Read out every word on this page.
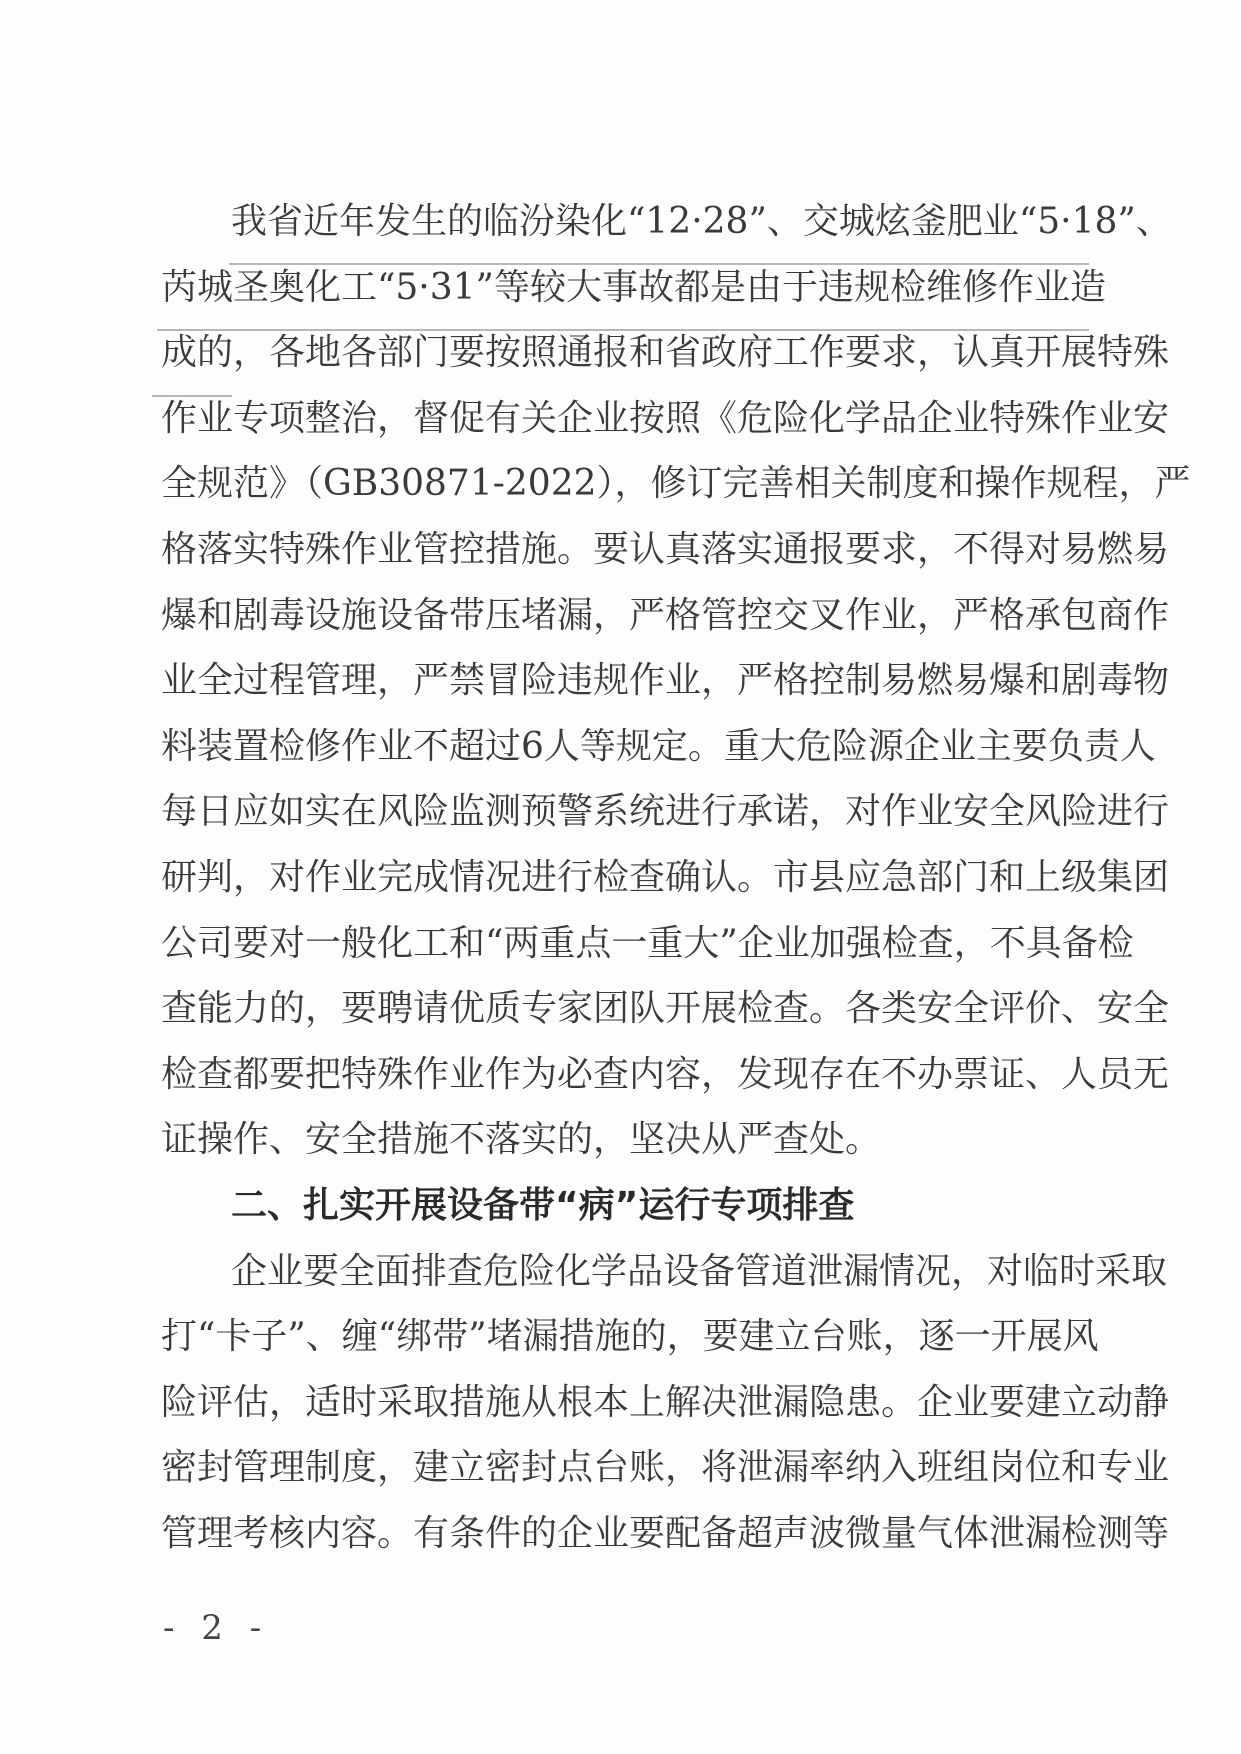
我省近年发生的临汾染化“12·28”、交城炫釜肥业“5·18”、
芮城圣奥化工“5·31”等较大事故都是由于违规检维修作业造
成的，各地各部门要按照通报和省政府工作要求，认真开展特殊
作业专项整治，督促有关企业按照《危险化学品企业特殊作业安
全规范》（GB30871-2022），修订完善相关制度和操作规程，严
格落实特殊作业管控措施。要认真落实通报要求，不得对易燃易
爆和剧毒设施设备带压堵漏，严格管控交叉作业，严格承包商作
业全过程管理，严禁冒险违规作业，严格控制易燃易爆和剧毒物
料装置检修作业不超过6人等规定。重大危险源企业主要负责人
每日应如实在风险监测预警系统进行承诺，对作业安全风险进行
研判，对作业完成情况进行检查确认。市县应急部门和上级集团
公司要对一般化工和“两重点一重大”企业加强检查，不具备检
查能力的，要聘请优质专家团队开展检查。各类安全评价、安全
检查都要把特殊作业作为必查内容，发现存在不办票证、人员无
证操作、安全措施不落实的，坚决从严查处。
二、扎实开展设备带“病”运行专项排查
企业要全面排查危险化学品设备管道泄漏情况，对临时采取
打“卡子”、缠“绑带”堵漏措施的，要建立台账，逐一开展风
险评估，适时采取措施从根本上解决泄漏隐患。企业要建立动静
密封管理制度，建立密封点台账，将泄漏率纳入班组岗位和专业
管理考核内容。有条件的企业要配备超声波微量气体泄漏检测等
- 2 -
